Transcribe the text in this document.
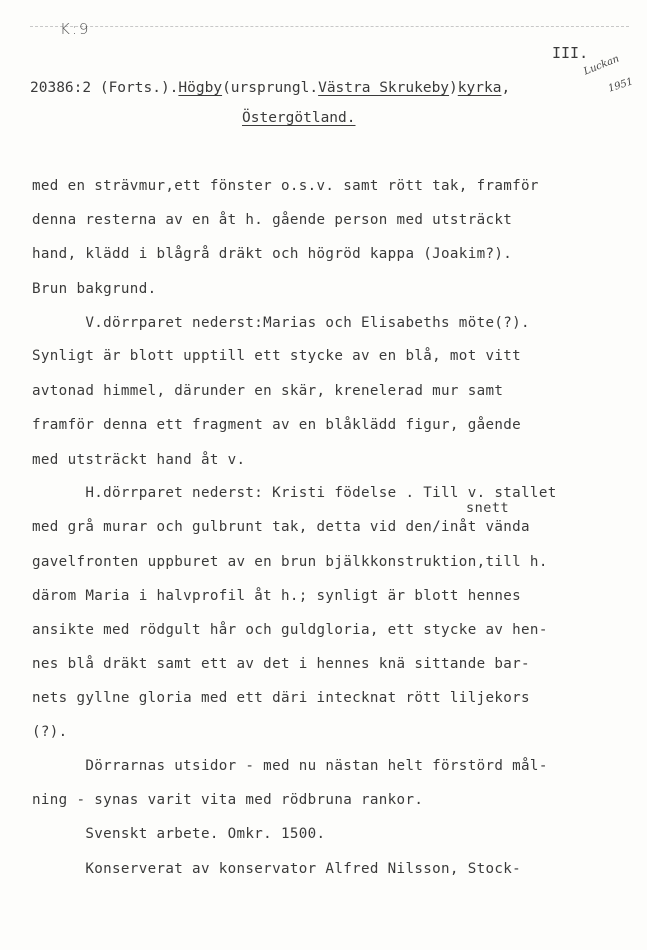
K:9
Luckan
1951
III.
20386:2 (Forts.).Högby(ursprungl.Västra Skrukeby)kyrka,
Östergötland.
med en strävmur,ett fönster o.s.v. samt rött tak, framför
denna resterna av en åt h. gående person med utsträckt
hand, klädd i blågrå dräkt och högröd kappa (Joakim?).
Brun bakgrund.
V.dörrparet nederst:Marias och Elisabeths möte(?).
Synligt är blott upptill ett stycke av en blå, mot vitt
avtonad himmel, därunder en skär, krenelerad mur samt
framför denna ett fragment av en blåklädd figur, gående
med utsträckt hand åt v.
H.dörrparet nederst: Kristi födelse . Till v. stallet
snett
med grå murar och gulbrunt tak, detta vid den/inåt vända
gavelfronten uppburet av en brun bjälkkonstruktion,till h.
därom Maria i halvprofil åt h.; synligt är blott hennes
ansikte med rödgult hår och guldgloria, ett stycke av hen-
nes blå dräkt samt ett av det i hennes knä sittande bar-
nets gyllne gloria med ett däri intecknat rött liljekors
(?).
Dörrarnas utsidor - med nu nästan helt förstörd mål-
ning - synas varit vita med rödbruna rankor.
Svenskt arbete. Omkr. 1500.
Konserverat av konservator Alfred Nilsson, Stock-
